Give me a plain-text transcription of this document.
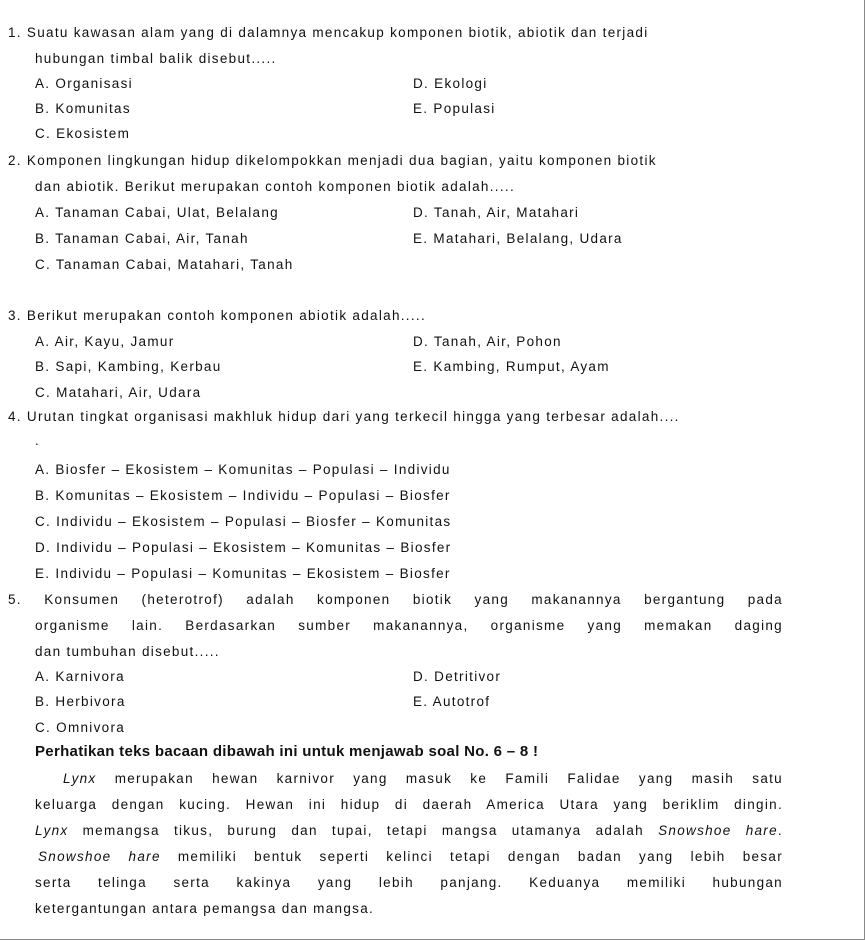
1. Suatu kawasan alam yang di dalamnya mencakup komponen biotik, abiotik dan terjadi
hubungan timbal balik disebut.....
A. Organisasi	D. Ekologi
B. Komunitas	E. Populasi
C. Ekosistem
2. Komponen lingkungan hidup dikelompokkan menjadi dua bagian, yaitu komponen biotik
dan abiotik. Berikut merupakan contoh komponen biotik adalah.....
A. Tanaman Cabai, Ulat, Belalang	D. Tanah, Air, Matahari
B. Tanaman Cabai, Air, Tanah	E. Matahari, Belalang, Udara
C. Tanaman Cabai, Matahari, Tanah
3. Berikut merupakan contoh komponen abiotik adalah.....
A. Air, Kayu, Jamur	D. Tanah, Air, Pohon
B. Sapi, Kambing, Kerbau	E. Kambing, Rumput, Ayam
C. Matahari, Air, Udara
4. Urutan tingkat organisasi makhluk hidup dari yang terkecil hingga yang terbesar adalah....
.
A. Biosfer – Ekosistem – Komunitas – Populasi – Individu
B. Komunitas – Ekosistem – Individu – Populasi – Biosfer
C. Individu – Ekosistem – Populasi – Biosfer – Komunitas
D. Individu – Populasi – Ekosistem – Komunitas – Biosfer
E. Individu – Populasi – Komunitas – Ekosistem – Biosfer
5. Konsumen (heterotrof) adalah komponen biotik yang makanannya bergantung pada
organisme lain. Berdasarkan sumber makanannya, organisme yang memakan daging
dan tumbuhan disebut.....
A. Karnivora	D. Detritivor
B. Herbivora	E. Autotrof
C. Omnivora
Perhatikan teks bacaan dibawah ini untuk menjawab soal No. 6 – 8 !
Lynx merupakan hewan karnivor yang masuk ke Famili Falidae yang masih satu
keluarga dengan kucing. Hewan ini hidup di daerah America Utara yang beriklim dingin.
Lynx memangsa tikus, burung dan tupai, tetapi mangsa utamanya adalah Snowshoe hare.
Snowshoe hare memiliki bentuk seperti kelinci tetapi dengan badan yang lebih besar
serta telinga serta kakinya yang lebih panjang. Keduanya memiliki hubungan
ketergantungan antara pemangsa dan mangsa.
